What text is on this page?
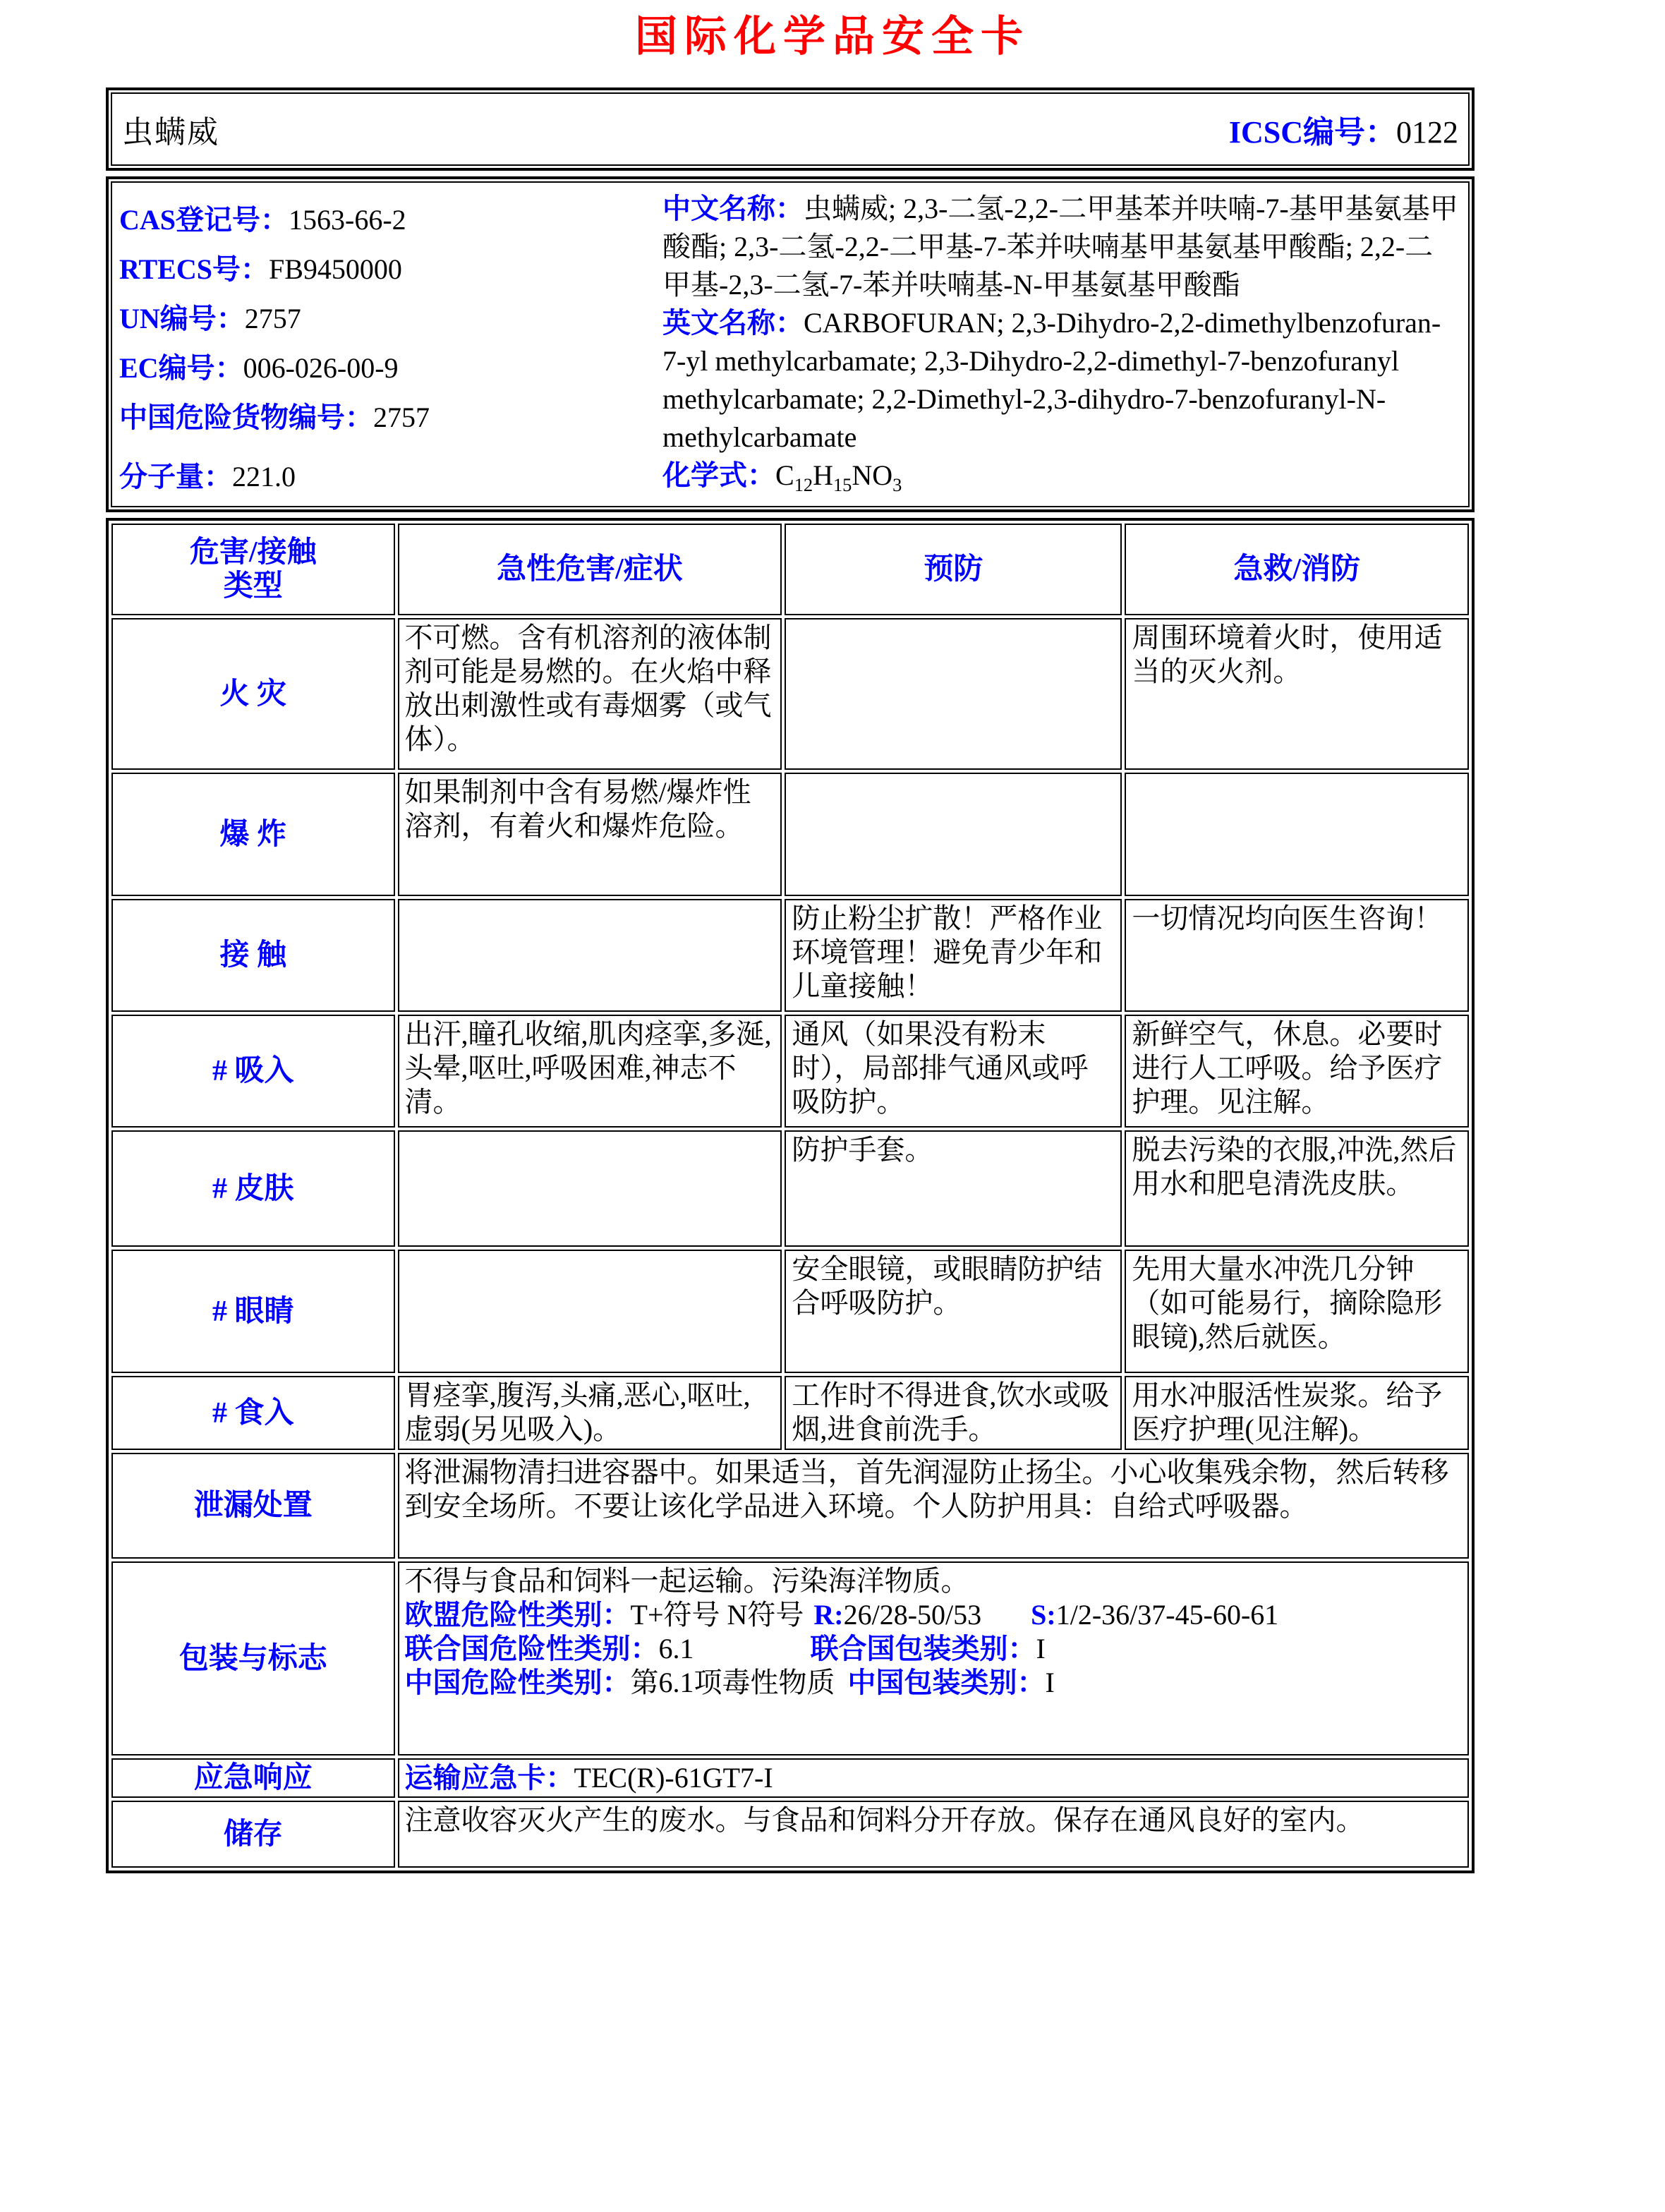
国际化学品安全卡
虫螨威	ICSC编号：0122
CAS登记号：1563-66-2
RTECS号：FB9450000
UN编号：2757
EC编号：006-026-00-9
中国危险货物编号：2757
分子量：221.0

中文名称：虫螨威; 2,3-二氢-2,2-二甲基苯并呋喃-7-基甲基氨基甲酸酯; 2,3-二氢-2,2-二甲基-7-苯并呋喃基甲基氨基甲酸酯; 2,2-二甲基-2,3-二氢-7-苯并呋喃基-N-甲基氨基甲酸酯

英文名称：CARBOFURAN; 2,3-Dihydro-2,2-dimethylbenzofuran-7-yl methylcarbamate; 2,3-Dihydro-2,2-dimethyl-7-benzofuranyl methylcarbamate; 2,2-Dimethyl-2,3-dihydro-7-benzofuranyl-N-methylcarbamate

化学式：$C_{12}H_{15}NO_3$

危害/接触
类型	急性危害/症状	预防	急救/消防
火 灾	不可燃。含有机溶剂的液体制剂可能是易燃的。在火焰中释放出刺激性或有毒烟雾（或气体）。		周围环境着火时，使用适当的灭火剂。
爆 炸	如果制剂中含有易燃/爆炸性溶剂，有着火和爆炸危险。		
接 触		防止粉尘扩散！严格作业环境管理！避免青少年和儿童接触！	一切情况均向医生咨询！
# 吸入	出汗,瞳孔收缩,肌肉痉挛,多涎,头晕,呕吐,呼吸困难,神志不清。	通风（如果没有粉末时），局部排气通风或呼吸防护。	新鲜空气，休息。必要时进行人工呼吸。给予医疗护理。见注解。
# 皮肤		防护手套。	脱去污染的衣服,冲洗,然后用水和肥皂清洗皮肤。
# 眼睛		安全眼镜，或眼睛防护结合呼吸防护。	先用大量水冲洗几分钟（如可能易行，摘除隐形眼镜),然后就医。
# 食入	胃痉挛,腹泻,头痛,恶心,呕吐,虚弱(另见吸入)。	工作时不得进食,饮水或吸烟,进食前洗手。	用水冲服活性炭浆。给予医疗护理(见注解)。
泄漏处置	将泄漏物清扫进容器中。如果适当，首先润湿防止扬尘。小心收集残余物，然后转移到安全场所。不要让该化学品进入环境。个人防护用具：自给式呼吸器。		
包装与标志	不得与食品和饲料一起运输。污染海洋物质。
欧盟危险性类别：T+符号 N符号 R:26/28-50/53 S:1/2-36/37-45-60-61
联合国危险性类别：6.1 联合国包装类别：I
中国危险性类别：第6.1项毒性物质 中国包装类别：I		

应急响应	运输应急卡：TEC(R)-61GT7-I		
储存	注意收容灭火产生的废水。与食品和饲料分开存放。保存在通风良好的室内。		
